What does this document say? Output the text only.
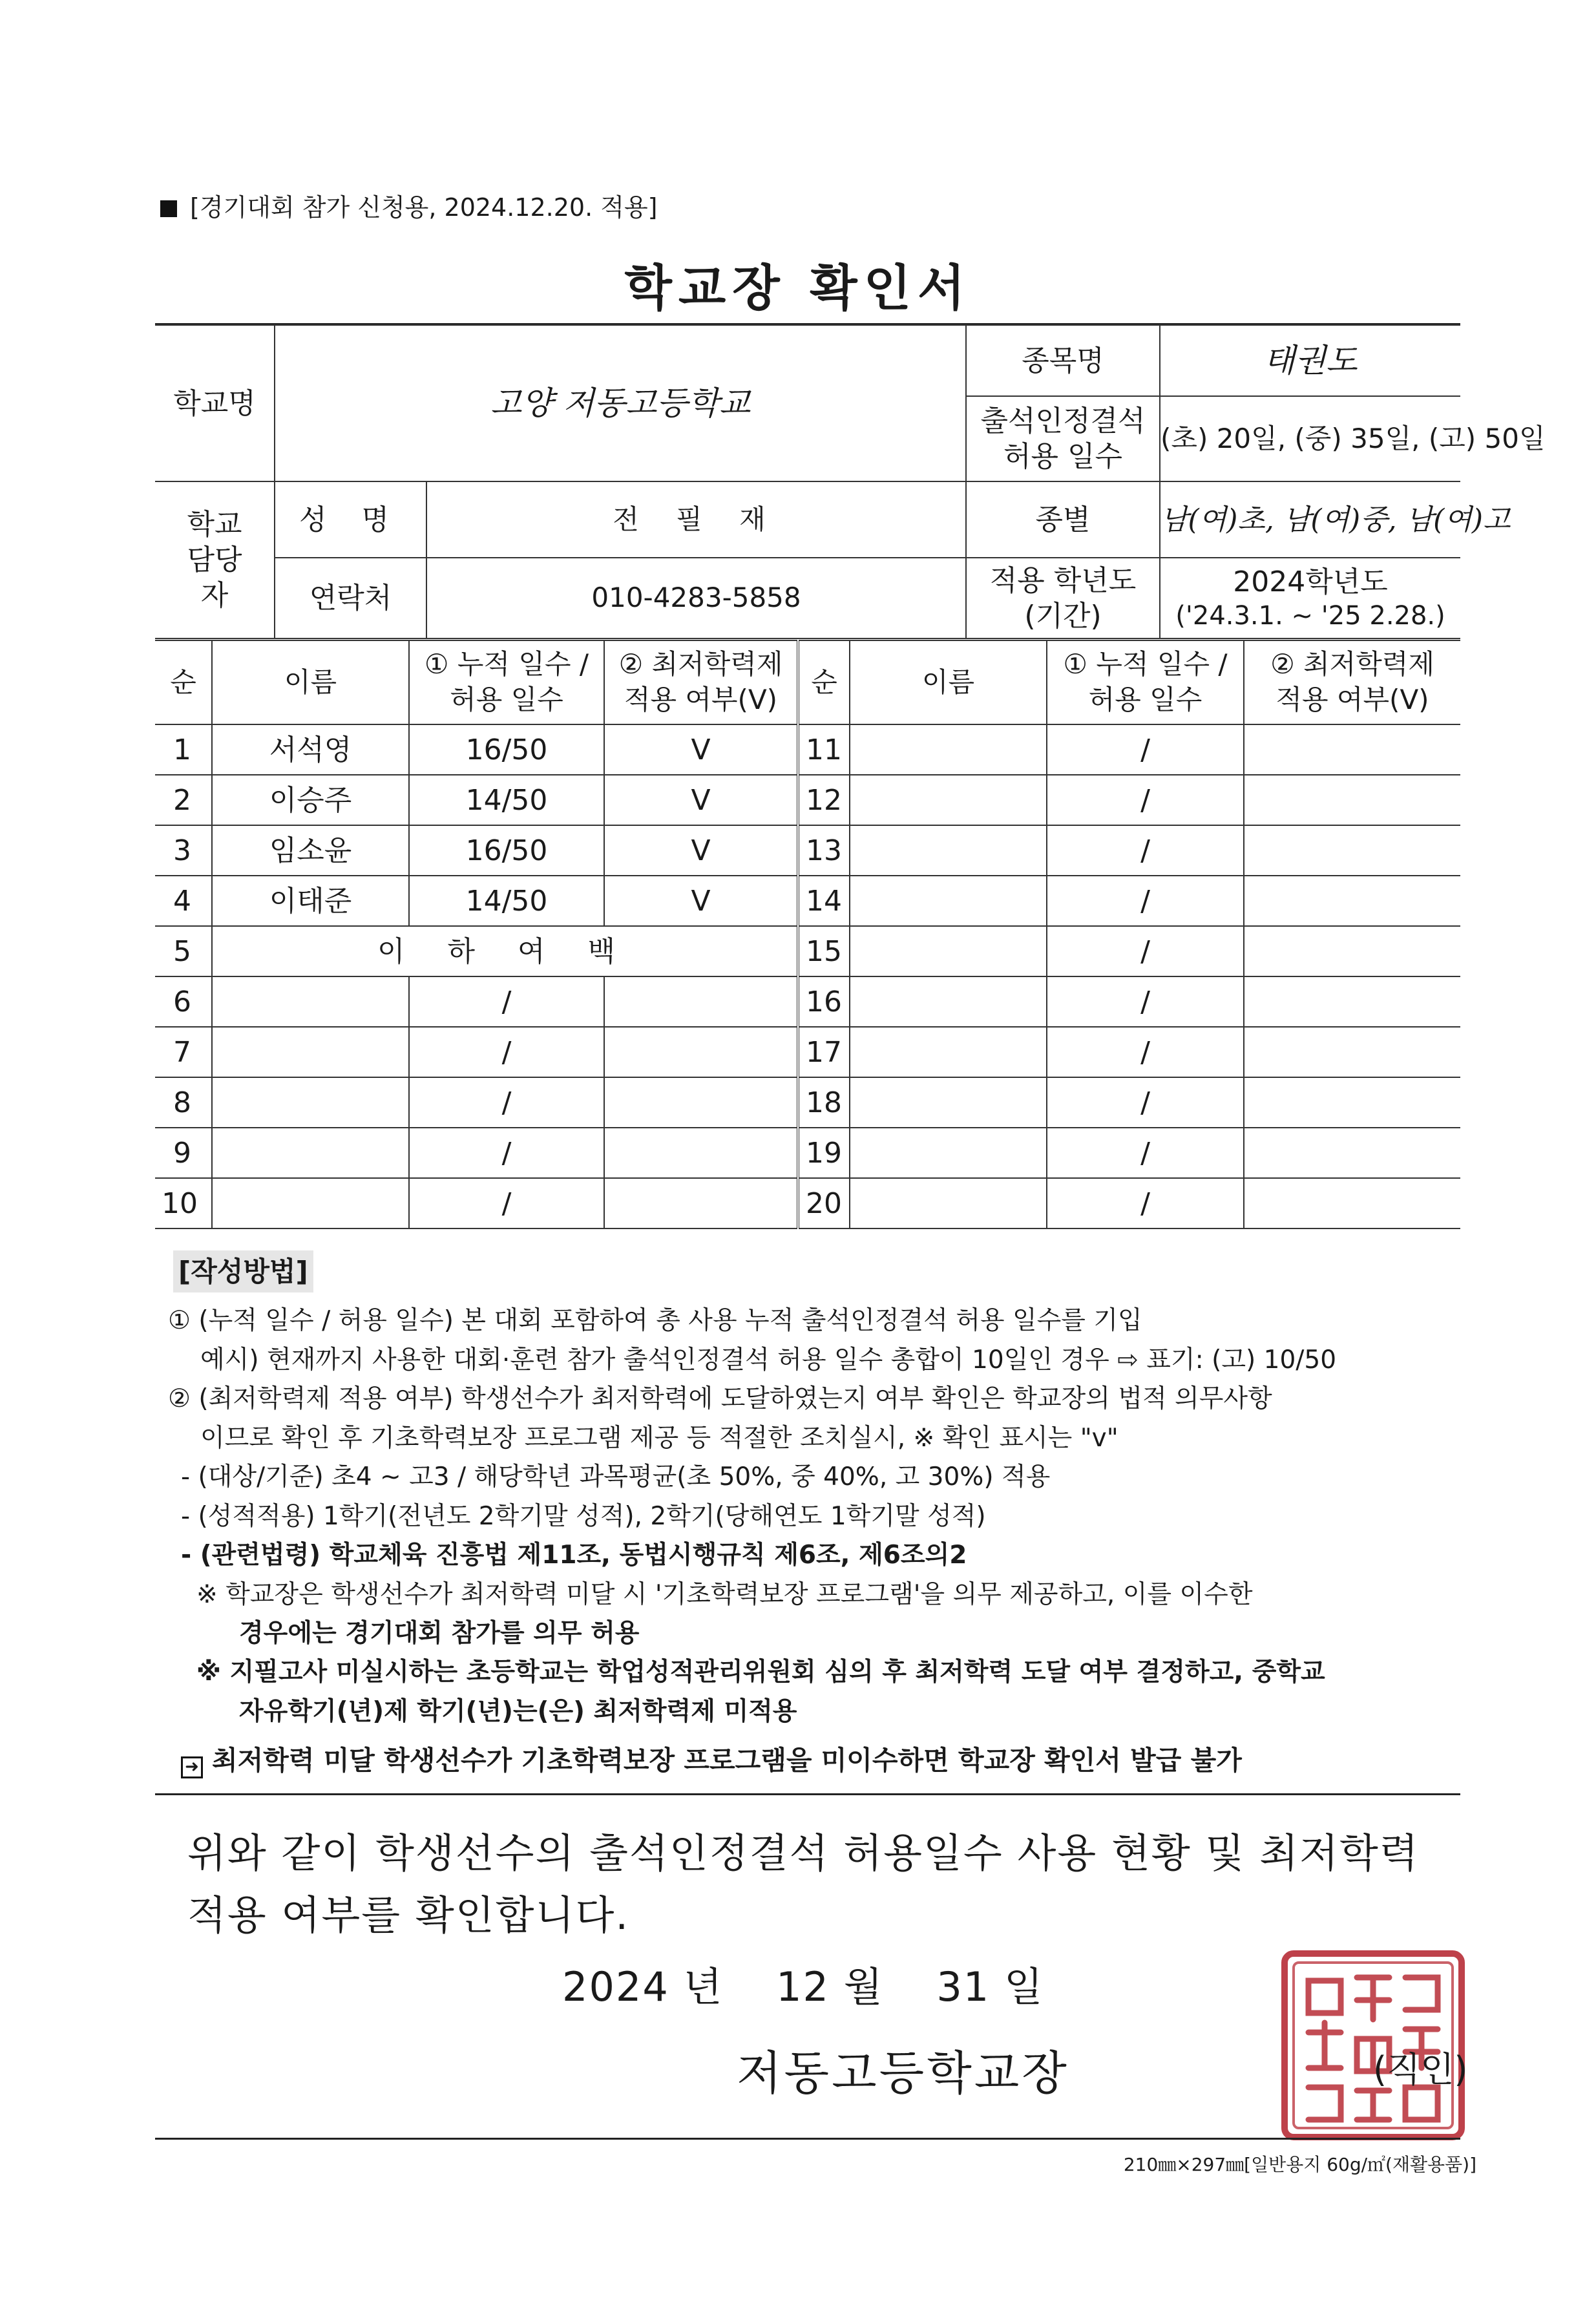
[경기대회 참가 신청용, 2024.12.20. 적용]
학교장 확인서
학교명	고양 저동고등학교		종목명	태권도
			출석인정결석 허용 일수	(초) 20일, (중) 35일, (고) 50일
학교 담당자	성 명	전 필 재	종별	남(여)초, 남(여)중, 남(여)고
	연락처	010-4283-5858	적용 학년도 (기간)	2024학년도
('24.3.1. ~ '25 2.28.)
순	이름	① 누적 일수 / 허용 일수	② 최저학력제 적용 여부(V)	순	이름	① 누적 일수 / 허용 일수	② 최저학력제 적용 여부(V)
1	서석영	16/50	V	11		/	
2	이승주	14/50	V	12		/	
3	임소윤	16/50	V	13		/	
4	이태준	14/50	V	14		/	
5	이 하 여 백			15		/	
6		/		16		/	
7		/		17		/	
8		/		18		/	
9		/		19		/	
10		/		20		/	
[작성방법]
① (누적 일수 / 허용 일수) 본 대회 포함하여 총 사용 누적 출석인정결석 허용 일수를 기입
예시) 현재까지 사용한 대회·훈련 참가 출석인정결석 허용 일수 총합이 10일인 경우 ⇨ 표기: (고) 10/50
② (최저학력제 적용 여부) 학생선수가 최저학력에 도달하였는지 여부 확인은 학교장의 법적 의무사항
이므로 확인 후 기초학력보장 프로그램 제공 등 적절한 조치실시, ※ 확인 표시는 "v"
- (대상/기준) 초4 ~ 고3 / 해당학년 과목평균(초 50%, 중 40%, 고 30%) 적용
- (성적적용) 1학기(전년도 2학기말 성적), 2학기(당해연도 1학기말 성적)
- (관련법령) 학교체육 진흥법 제11조, 동법시행규칙 제6조, 제6조의2
※ 학교장은 학생선수가 최저학력 미달 시 '기초학력보장 프로그램'을 의무 제공하고, 이를 이수한
경우에는 경기대회 참가를 의무 허용
※ 지필고사 미실시하는 초등학교는 학업성적관리위원회 심의 후 최저학력 도달 여부 결정하고, 중학교
자유학기(년)제 학기(년)는(은) 최저학력제 미적용
➜ 최저학력 미달 학생선수가 기초학력보장 프로그램을 미이수하면 학교장 확인서 발급 불가
위와 같이 학생선수의 출석인정결석 허용일수 사용 현황 및 최저학력
적용 여부를 확인합니다.
2024 년 12 월 31 일
저동고등학교장	(직인)
210㎜×297㎜[일반용지 60g/㎡(재활용품)]
